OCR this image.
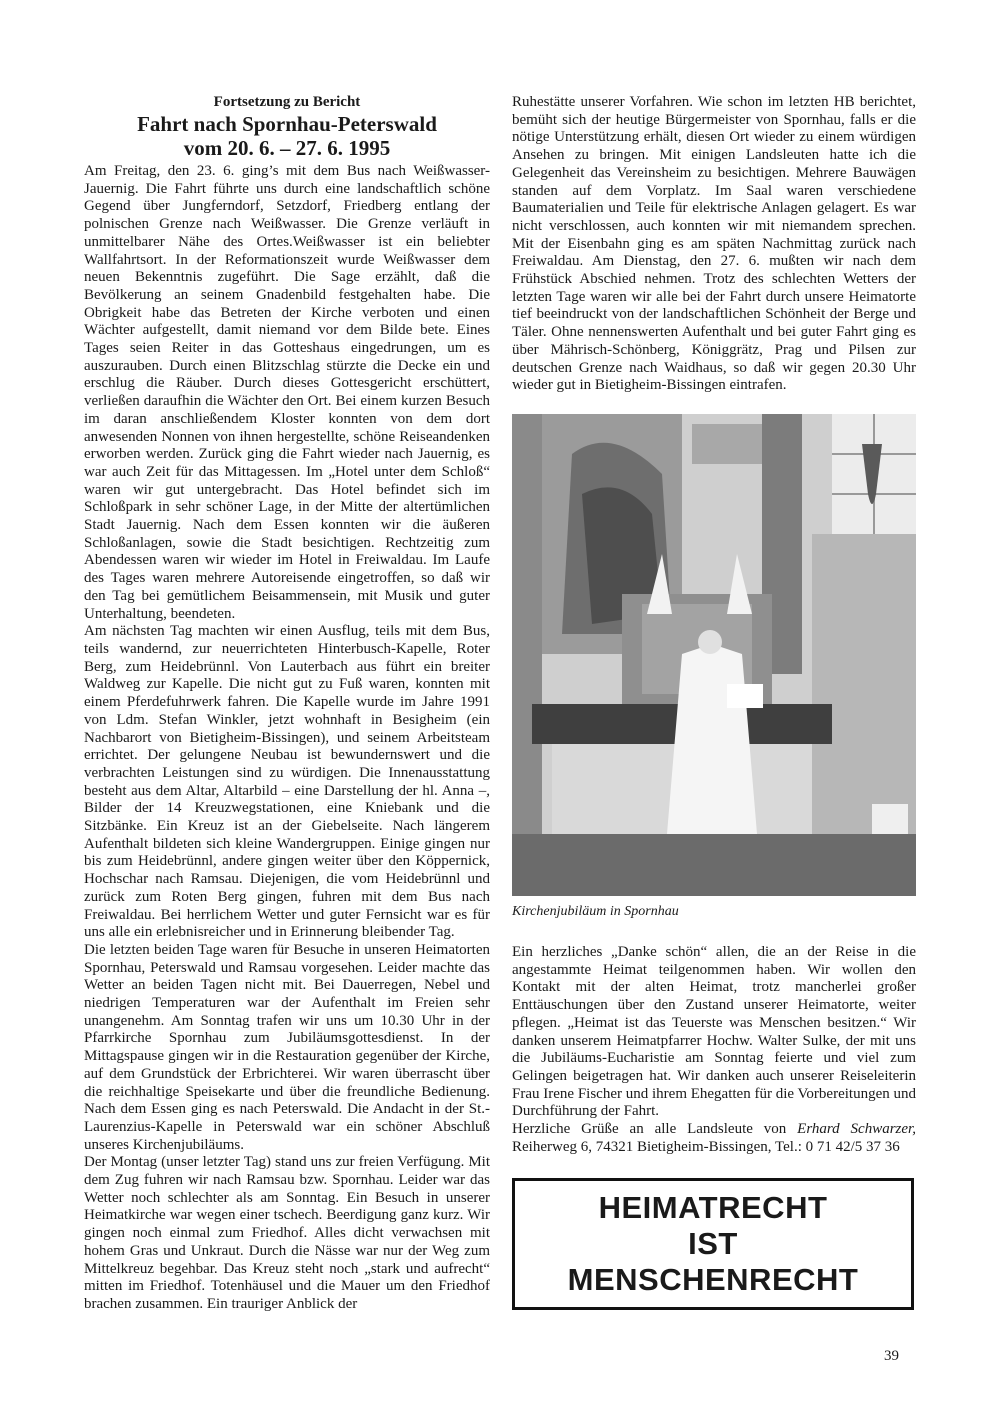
Fortsetzung zu Bericht

Fahrt nach Spornhau-Peterswald
vom 20. 6. – 27. 6. 1995

Am Freitag, den 23. 6. ging’s mit dem Bus nach Weißwasser-Jauernig. Die Fahrt führte uns durch eine landschaftlich schöne Gegend über Jungferndorf, Setzdorf, Friedberg entlang der polnischen Grenze nach Weißwasser. Die Grenze verläuft in unmittelbarer Nähe des Ortes.Weißwasser ist ein beliebter Wallfahrtsort. In der Reformationszeit wurde Weißwasser dem neuen Bekenntnis zugeführt. Die Sage erzählt, daß die Bevölkerung an seinem Gnadenbild festgehalten habe. Die Obrigkeit habe das Betreten der Kirche verboten und einen Wächter aufgestellt, damit niemand vor dem Bilde bete. Eines Tages seien Reiter in das Gotteshaus eingedrungen, um es auszurauben. Durch einen Blitzschlag stürzte die Decke ein und erschlug die Räuber. Durch dieses Gottesgericht erschüttert, verließen daraufhin die Wächter den Ort. Bei einem kurzen Besuch im daran anschließendem Kloster konnten von dem dort anwesenden Nonnen von ihnen hergestellte, schöne Reiseandenken erworben werden. Zurück ging die Fahrt wieder nach Jauernig, es war auch Zeit für das Mittagessen. Im „Hotel unter dem Schloß“ waren wir gut untergebracht. Das Hotel befindet sich im Schloßpark in sehr schöner Lage, in der Mitte der altertümlichen Stadt Jauernig. Nach dem Essen konnten wir die äußeren Schloßanlagen, sowie die Stadt besichtigen. Rechtzeitig zum Abendessen waren wir wieder im Hotel in Freiwaldau. Im Laufe des Tages waren mehrere Autoreisende eingetroffen, so daß wir den Tag bei gemütlichem Beisammensein, mit Musik und guter Unterhaltung, beendeten.

Am nächsten Tag machten wir einen Ausflug, teils mit dem Bus, teils wandernd, zur neuerrichteten Hinterbusch-Kapelle, Roter Berg, zum Heidebrünnl. Von Lauterbach aus führt ein breiter Waldweg zur Kapelle. Die nicht gut zu Fuß waren, konnten mit einem Pferdefuhrwerk fahren. Die Kapelle wurde im Jahre 1991 von Ldm. Stefan Winkler, jetzt wohnhaft in Besigheim (ein Nachbarort von Bietigheim-Bissingen), und seinem Arbeitsteam errichtet. Der gelungene Neubau ist bewundernswert und die verbrachten Leistungen sind zu würdigen. Die Innenausstattung besteht aus dem Altar, Altarbild – eine Darstellung der hl. Anna –, Bilder der 14 Kreuzwegstationen, eine Kniebank und die Sitzbänke. Ein Kreuz ist an der Giebelseite. Nach längerem Aufenthalt bildeten sich kleine Wandergruppen. Einige gingen nur bis zum Heidebrünnl, andere gingen weiter über den Köppernick, Hochschar nach Ramsau. Diejenigen, die vom Heidebrünnl und zurück zum Roten Berg gingen, fuhren mit dem Bus nach Freiwaldau. Bei herrlichem Wetter und guter Fernsicht war es für uns alle ein erlebnisreicher und in Erinnerung bleibender Tag.

Die letzten beiden Tage waren für Besuche in unseren Heimatorten Spornhau, Peterswald und Ramsau vorgesehen. Leider machte das Wetter an beiden Tagen nicht mit. Bei Dauerregen, Nebel und niedrigen Temperaturen war der Aufenthalt im Freien sehr unangenehm. Am Sonntag trafen wir uns um 10.30 Uhr in der Pfarrkirche Spornhau zum Jubiläumsgottesdienst. In der Mittagspause gingen wir in die Restauration gegenüber der Kirche, auf dem Grundstück der Erbrichterei. Wir waren überrascht über die reichhaltige Speisekarte und über die freundliche Bedienung. Nach dem Essen ging es nach Peterswald. Die Andacht in der St.-Laurenzius-Kapelle in Peterswald war ein schöner Abschluß unseres Kirchenjubiläums.

Der Montag (unser letzter Tag) stand uns zur freien Verfügung. Mit dem Zug fuhren wir nach Ramsau bzw. Spornhau. Leider war das Wetter noch schlechter als am Sonntag. Ein Besuch in unserer Heimatkirche war wegen einer tschech. Beerdigung ganz kurz. Wir gingen noch einmal zum Friedhof. Alles dicht verwachsen mit hohem Gras und Unkraut. Durch die Nässe war nur der Weg zum Mittelkreuz begehbar. Das Kreuz steht noch „stark und aufrecht“ mitten im Friedhof. Totenhäusel und die Mauer um den Friedhof brachen zusammen. Ein trauriger Anblick der

Ruhestätte unserer Vorfahren. Wie schon im letzten HB berichtet, bemüht sich der heutige Bürgermeister von Spornhau, falls er die nötige Unterstützung erhält, diesen Ort wieder zu einem würdigen Ansehen zu bringen. Mit einigen Landsleuten hatte ich die Gelegenheit das Vereinsheim zu besichtigen. Mehrere Bauwägen standen auf dem Vorplatz. Im Saal waren verschiedene Baumaterialien und Teile für elektrische Anlagen gelagert. Es war nicht verschlossen, auch konnten wir mit niemandem sprechen. Mit der Eisenbahn ging es am späten Nachmittag zurück nach Freiwaldau. Am Dienstag, den 27. 6. mußten wir nach dem Frühstück Abschied nehmen. Trotz des schlechten Wetters der letzten Tage waren wir alle bei der Fahrt durch unsere Heimatorte tief beeindruckt von der landschaftlichen Schönheit der Berge und Täler. Ohne nennenswerten Aufenthalt und bei guter Fahrt ging es über Mährisch-Schönberg, Königgrätz, Prag und Pilsen zur deutschen Grenze nach Waidhaus, so daß wir gegen 20.30 Uhr wieder gut in Bietigheim-Bissingen eintrafen.

Kirchenjubiläum in Spornhau

Ein herzliches „Danke schön“ allen, die an der Reise in die angestammte Heimat teilgenommen haben. Wir wollen den Kontakt mit der alten Heimat, trotz mancherlei großer Enttäuschungen über den Zustand unserer Heimatorte, weiter pflegen. „Heimat ist das Teuerste was Menschen besitzen.“ Wir danken unserem Heimatpfarrer Hochw. Walter Sulke, der mit uns die Jubiläums-Eucharistie am Sonntag feierte und viel zum Gelingen beigetragen hat. Wir danken auch unserer Reiseleiterin Frau Irene Fischer und ihrem Ehegatten für die Vorbereitungen und Durchführung der Fahrt.

Herzliche Grüße an alle Landsleute von Erhard Schwarzer, Reiherweg 6, 74321 Bietigheim-Bissingen, Tel.: 0 71 42/5 37 36

HEIMATRECHT
IST
MENSCHENRECHT
39
